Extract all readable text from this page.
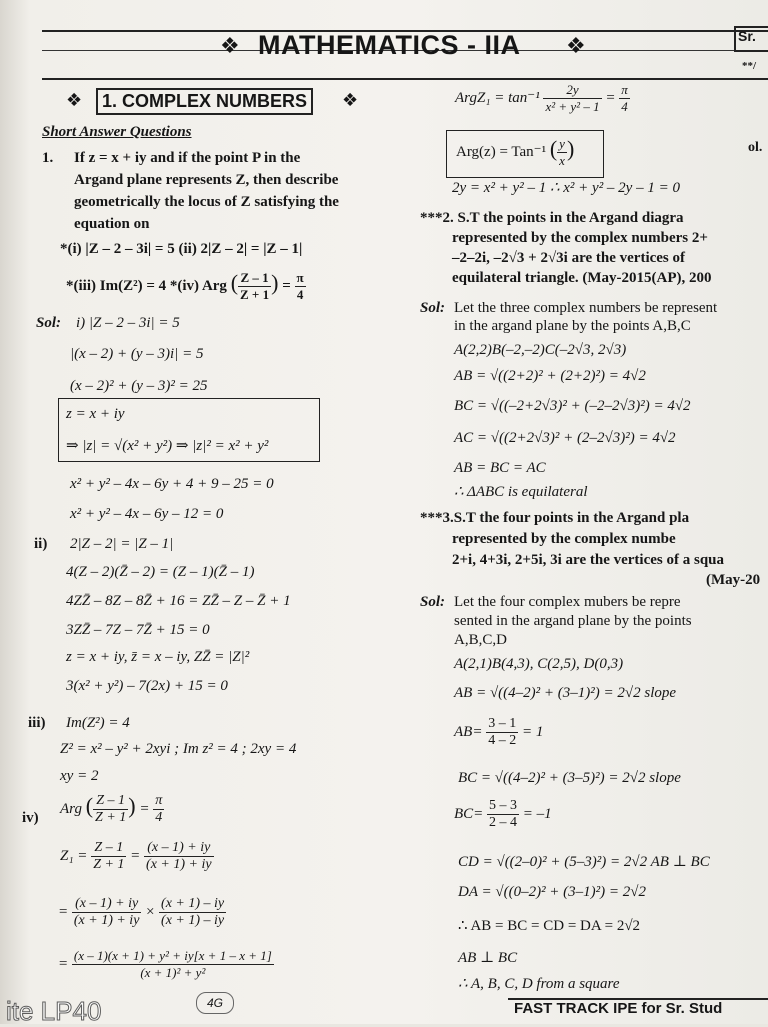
❖ MATHEMATICS - IIA ❖	Sr.
**/
❖	1. COMPLEX NUMBERS	❖
Short Answer Questions
1. If z = x + iy and if the point P in the
Argand plane represents Z, then describe
geometrically the locus of Z satisfying the
equation on
*(i) |Z – 2 – 3i| = 5 (ii) 2|Z – 2| = |Z – 1|
*(iii) Im(Z²) = 4 *(iv) Arg ( $\frac{Z - 1}{Z + 1}$ ) = $\frac{\pi}{4}$
Sol: i) |Z – 2 – 3i| = 5
|(x – 2) + (y – 3)i| = 5
(x – 2)² + (y – 3)² = 25
z = x + iy
⇒ |z| = √(x² + y²) ⇒ |z|² = x² + y²
x² + y² – 4x – 6y + 4 + 9 – 25 = 0
x² + y² – 4x – 6y – 12 = 0
ii) 2|Z – 2| = |Z – 1|
4(Z – 2)(Z̄ – 2) = (Z – 1)(Z̄ – 1)
4ZZ̄ – 8Z – 8Z̄ + 16 = ZZ̄ – Z – Z̄ + 1
3ZZ̄ – 7Z – 7Z̄ + 15 = 0
z = x + iy, z̄ = x – iy, ZZ̄ = |Z|²
3(x² + y²) – 7(2x) + 15 = 0
iii) Im(Z²) = 4
Z² = x² – y² + 2xyi ; Im z² = 4 ; 2xy = 4
xy = 2
iv)
Arg ( $\frac{Z - 1}{Z + 1}$ ) = $\frac{\pi}{4}$
$Z_1 = \frac{Z - 1}{Z + 1} = \frac{(x - 1) + iy}{(x + 1) + iy}$
= $\frac{(x - 1) + iy}{(x + 1) + iy} \times \frac{(x + 1) - iy}{(x + 1) - iy}$
= $\frac{\text{(x – 1)(x + 1) + y² + iy[x + 1 – x + 1]}}{\text{(x + 1)² + y²}}$
ArgZ₁ = $\tan^{-1} \frac{2y}{\text{x² + y² – 1}} = \frac{\pi}{4}$
Arg(z) = Tan⁻¹ ( $\frac{y}{x}$ )	ol.
2y = x² + y² – 1 ∴ x² + y² – 2y – 1 = 0
***2. S.T the points in the Argand diagra
represented by the complex numbers 2+
–2–2i, –2√3 + 2√3i are the vertices of
equilateral triangle. (May-2015(AP), 200
Sol: Let the three complex numbers be represent
in the argand plane by the points A,B,C
A(2,2)B(–2,–2)C(–2√3, 2√3)
AB = √((2+2)² + (2+2)²) = 4√2
BC = √((–2+2√3)² + (–2–2√3)²) = 4√2
AC = √((2+2√3)² + (2–2√3)²) = 4√2
AB = BC = AC
∴ ΔABC is equilateral
***3.S.T the four points in the Argand pla
represented by the complex numbe
2+i, 4+3i, 2+5i, 3i are the vertices of a squa
(May-20
Sol: Let the four complex mubers be repre
sented in the argand plane by the points
A,B,C,D
A(2,1)B(4,3), C(2,5), D(0,3)
AB = √((4–2)² + (3–1)²) = 2√2 slope
$AB= \frac{3 - 1}{4 - 2} = 1$
BC = √((4–2)² + (3–5)²) = 2√2 slope
$BC= \frac{5 - 3}{2 - 4} = -1$
CD = √((2–0)² + (5–3)²) = 2√2 AB ⊥ BC
DA = √((0–2)² + (3–1)²) = 2√2
∴ AB = BC = CD = DA = 2√2
AB ⊥ BC
∴ A, B, C, D from a square
ite LP40	4G	FAST TRACK IPE for Sr. Stud
